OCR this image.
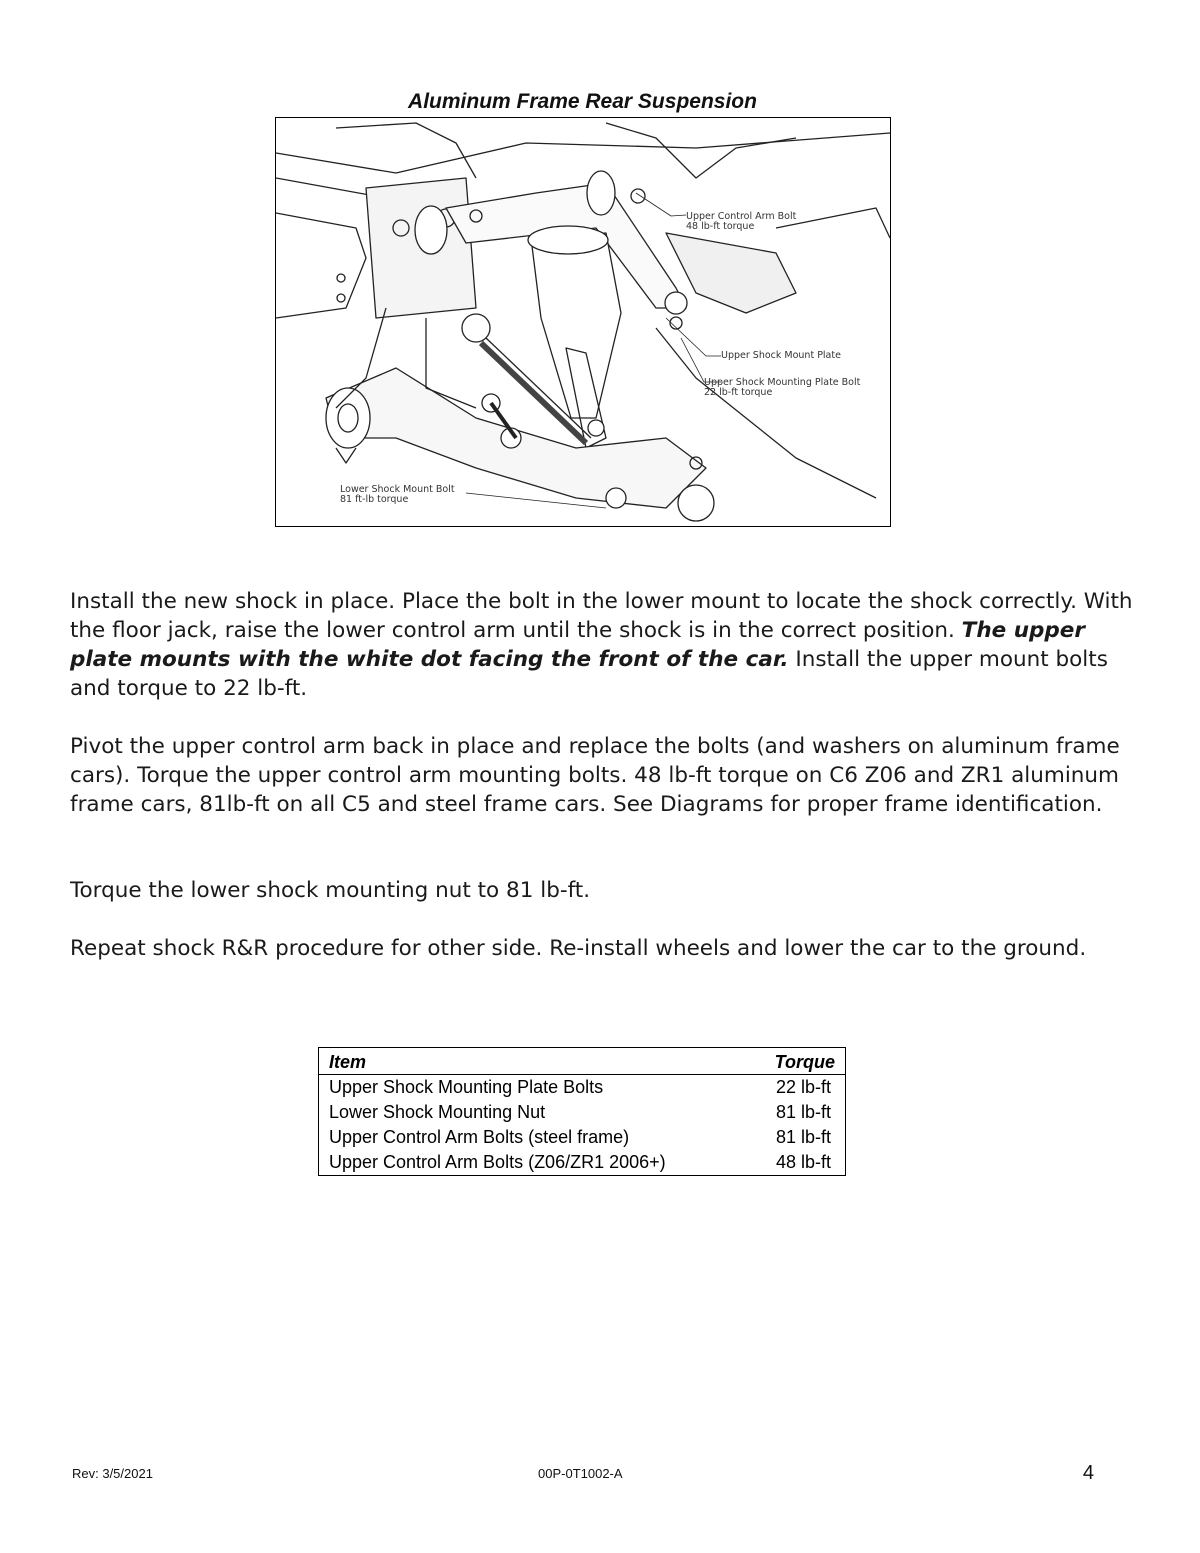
Aluminum Frame Rear Suspension
Upper Control Arm Bolt
48 lb-ft torque
Upper Shock Mount Plate
Upper Shock Mounting Plate Bolt
22 lb-ft torque
Lower Shock Mount Bolt
81 ft-lb torque

Install the new shock in place. Place the bolt in the lower mount to locate the shock correctly. With the floor jack, raise the lower control arm until the shock is in the correct position. The upper plate mounts with the white dot facing the front of the car. Install the upper mount bolts and torque to 22 lb-ft.

Pivot the upper control arm back in place and replace the bolts (and washers on aluminum frame cars). Torque the upper control arm mounting bolts. 48 lb-ft torque on C6 Z06 and ZR1 aluminum frame cars, 81lb-ft on all C5 and steel frame cars. See Diagrams for proper frame identification.

Torque the lower shock mounting nut to 81 lb-ft.

Repeat shock R&R procedure for other side. Re-install wheels and lower the car to the ground.

Item	Torque
Upper Shock Mounting Plate Bolts	22 lb-ft
Lower Shock Mounting Nut	81 lb-ft
Upper Control Arm Bolts (steel frame)	81 lb-ft
Upper Control Arm Bolts (Z06/ZR1 2006+)	48 lb-ft
Rev: 3/5/2021	00P-0T1002-A	4
